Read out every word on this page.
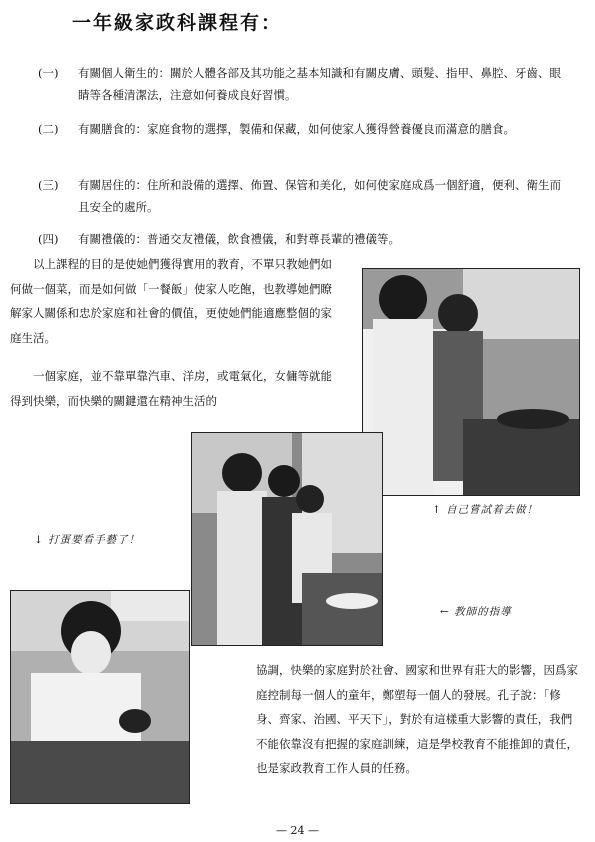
一年級家政科課程有：
(一) 有關個人衛生的：關於人體各部及其功能之基本知識和有關皮膚、頭髮、指甲、鼻腔、牙齒、眼睛等各種清潔法，注意如何養成良好習慣。
(二) 有關膳食的：家庭食物的選擇，製備和保藏，如何使家人獲得營養優良而滿意的膳食。
(三) 有關居住的：住所和設備的選擇、佈置、保管和美化，如何使家庭成爲一個舒適，便利、衛生而且安全的處所。
(四) 有關禮儀的：普通交友禮儀，飲食禮儀，和對尊長輩的禮儀等。
以上課程的目的是使她們獲得實用的教育，不單只教她們如何做一個菜，而是如何做「一餐飯」使家人吃飽，也教導她們瞭解家人關係和忠於家庭和社會的價值，更使她們能適應整個的家庭生活。
一個家庭，並不靠單靠汽車、洋房，或電氣化，女傭等就能得到快樂，而快樂的關鍵還在精神生活的
↑ 自己嘗試着去做！
↓ 打蛋要看手藝了！
← 教師的指導
協調，快樂的家庭對於社會、國家和世界有莊大的影響，因爲家庭控制每一個人的童年，鄭塑每一個人的發展。孔子說：「修身、齊家、治國、平天下」，對於有這樣重大影響的責任，我們不能依靠沒有把握的家庭訓練，這是學校教育不能推卸的責任，也是家政教育工作人員的任務。
— 24 —
